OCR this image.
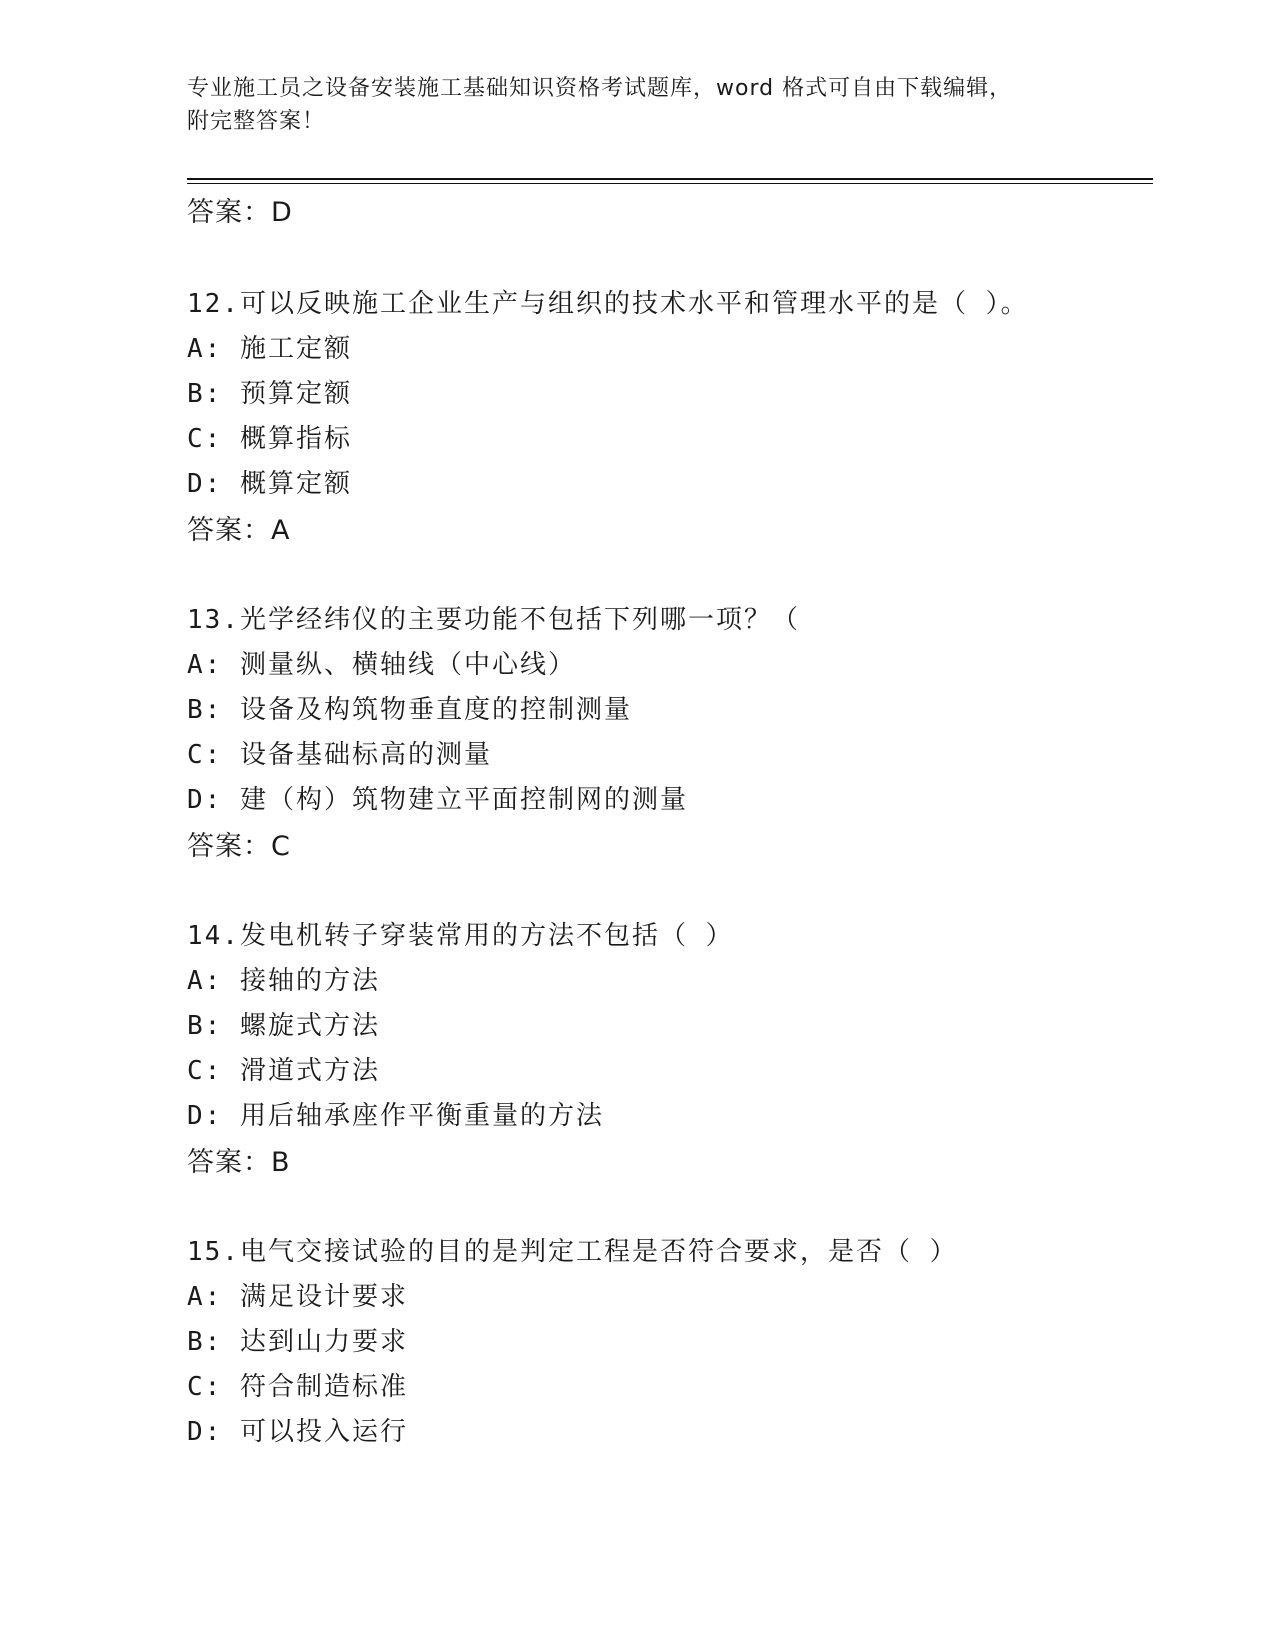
专业施工员之设备安装施工基础知识资格考试题库，word 格式可自由下载编辑，
附完整答案！
答案：D
12.可以反映施工企业生产与组织的技术水平和管理水平的是（ ）。
A: 施工定额
B: 预算定额
C: 概算指标
D: 概算定额
答案：A
13.光学经纬仪的主要功能不包括下列哪一项？（
A: 测量纵、横轴线（中心线）
B: 设备及构筑物垂直度的控制测量
C: 设备基础标高的测量
D: 建（构）筑物建立平面控制网的测量
答案：C
14.发电机转子穿装常用的方法不包括（ ）
A: 接轴的方法
B: 螺旋式方法
C: 滑道式方法
D: 用后轴承座作平衡重量的方法
答案：B
15.电气交接试验的目的是判定工程是否符合要求，是否（ ）
A: 满足设计要求
B: 达到山力要求
C: 符合制造标准
D: 可以投入运行
